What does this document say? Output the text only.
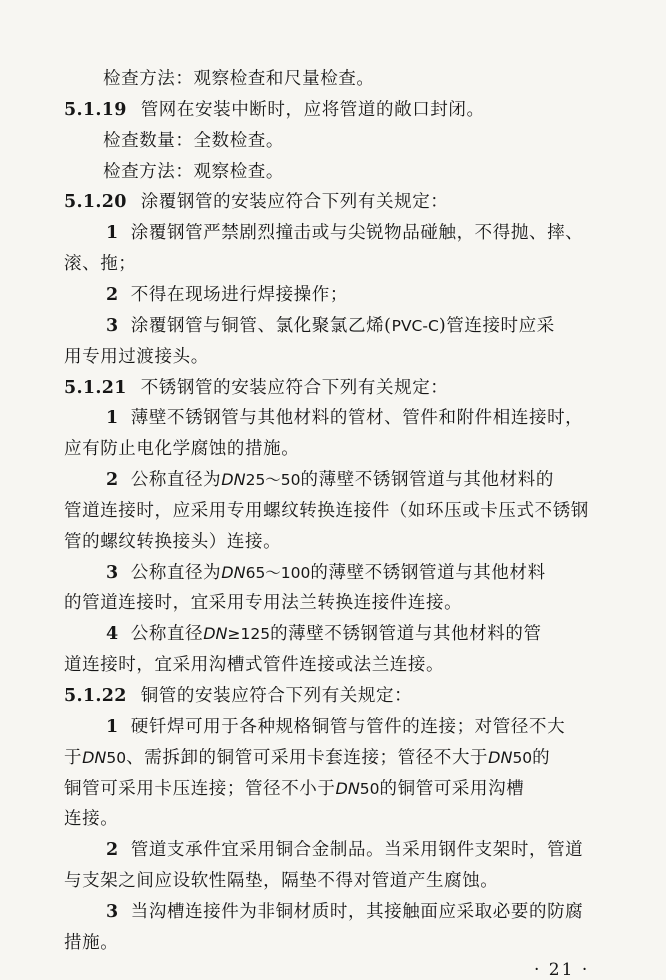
检查方法：观察检查和尺量检查。
5.1.19 管网在安装中断时，应将管道的敞口封闭。
检查数量：全数检查。
检查方法：观察检查。
5.1.20 涂覆钢管的安装应符合下列有关规定：
1 涂覆钢管严禁剧烈撞击或与尖锐物品碰触，不得抛、摔、
滚、拖；
2 不得在现场进行焊接操作；
3 涂覆钢管与铜管、氯化聚氯乙烯(PVC-C)管连接时应采
用专用过渡接头。
5.1.21 不锈钢管的安装应符合下列有关规定：
1 薄壁不锈钢管与其他材料的管材、管件和附件相连接时，
应有防止电化学腐蚀的措施。
2 公称直径为DN25～50的薄壁不锈钢管道与其他材料的
管道连接时，应采用专用螺纹转换连接件（如环压或卡压式不锈钢
管的螺纹转换接头）连接。
3 公称直径为DN65～100的薄壁不锈钢管道与其他材料
的管道连接时，宜采用专用法兰转换连接件连接。
4 公称直径DN≥125的薄壁不锈钢管道与其他材料的管
道连接时，宜采用沟槽式管件连接或法兰连接。
5.1.22 铜管的安装应符合下列有关规定：
1 硬钎焊可用于各种规格铜管与管件的连接；对管径不大
于DN50、需拆卸的铜管可采用卡套连接；管径不大于DN50的
铜管可采用卡压连接；管径不小于DN50的铜管可采用沟槽
连接。
2 管道支承件宜采用铜合金制品。当采用钢件支架时，管道
与支架之间应设软性隔垫，隔垫不得对管道产生腐蚀。
3 当沟槽连接件为非铜材质时，其接触面应采取必要的防腐
· 21 ·
措施。
